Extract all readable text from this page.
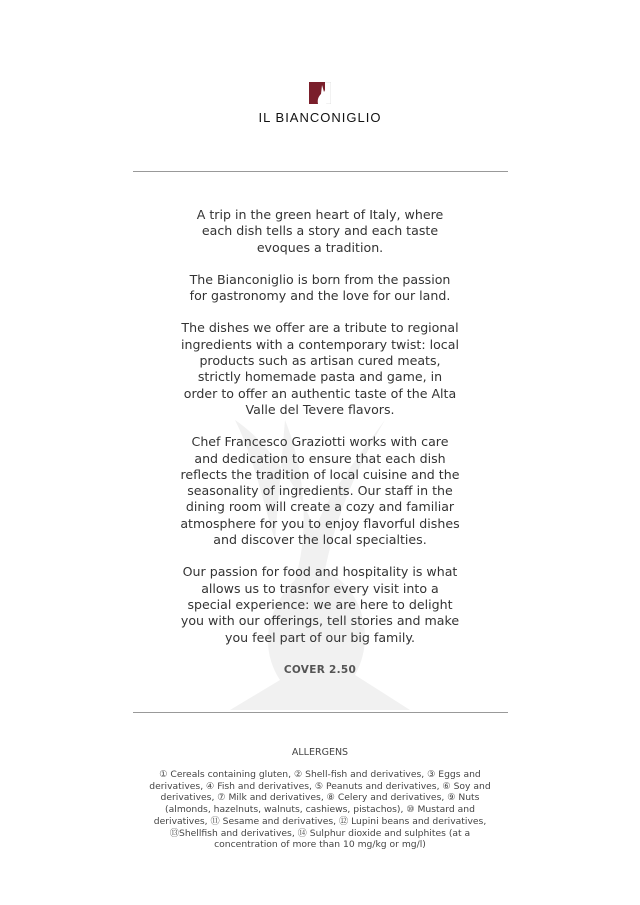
IL BIANCONIGLIO

A trip in the green heart of Italy, where each dish tells a story and each taste evoques a tradition.

The Bianconiglio is born from the passion for gastronomy and the love for our land.

The dishes we offer are a tribute to regional ingredients with a contemporary twist: local products such as artisan cured meats, strictly homemade pasta and game, in order to offer an authentic taste of the Alta Valle del Tevere flavors.

Chef Francesco Graziotti works with care and dedication to ensure that each dish reflects the tradition of local cuisine and the seasonality of ingredients. Our staff in the dining room will create a cozy and familiar atmosphere for you to enjoy flavorful dishes and discover the local specialties.

Our passion for food and hospitality is what allows us to trasnfor every visit into a special experience: we are here to delight you with our offerings, tell stories and make you feel part of our big family.

COVER 2.50
ALLERGENS
① Cereals containing gluten, ② Shell-fish and derivatives, ③ Eggs and derivatives, ④ Fish and derivatives, ⑤ Peanuts and derivatives, ⑥ Soy and derivatives, ⑦ Milk and derivatives, ⑧ Celery and derivatives, ⑨ Nuts (almonds, hazelnuts, walnuts, cashiews, pistachos), ⑩ Mustard and derivatives, ⑪ Sesame and derivatives, ⑫ Lupini beans and derivatives, ⑬Shellfish and derivatives, ⑭ Sulphur dioxide and sulphites (at a concentration of more than 10 mg/kg or mg/l)
